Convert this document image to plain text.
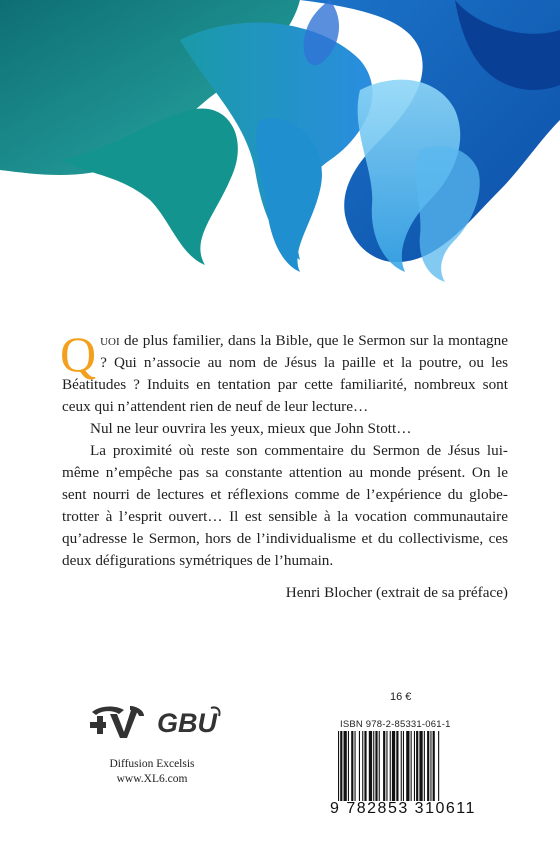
Quoi de plus familier, dans la Bible, que le Sermon sur la montagne ? Qui n’associe au nom de Jésus la paille et la poutre, ou les Béatitudes ? Induits en tentation par cette familiarité, nombreux sont ceux qui n’attendent rien de neuf de leur lecture…

Nul ne leur ouvrira les yeux, mieux que John Stott…

La proximité où reste son commentaire du Sermon de Jésus lui-même n’empêche pas sa constante attention au monde présent. On le sent nourri de lectures et réflexions comme de l’expérience du globe-trotter à l’esprit ouvert… Il est sensible à la vocation communautaire qu’adresse le Sermon, hors de l’individualisme et du collectivisme, ces deux défigurations symétriques de l’humain.

Henri Blocher (extrait de sa préface)
GBU
Diffusion Excelsis
www.XL6.com
16 €
ISBN 978-2-85331-061-1
9 782853 310611
